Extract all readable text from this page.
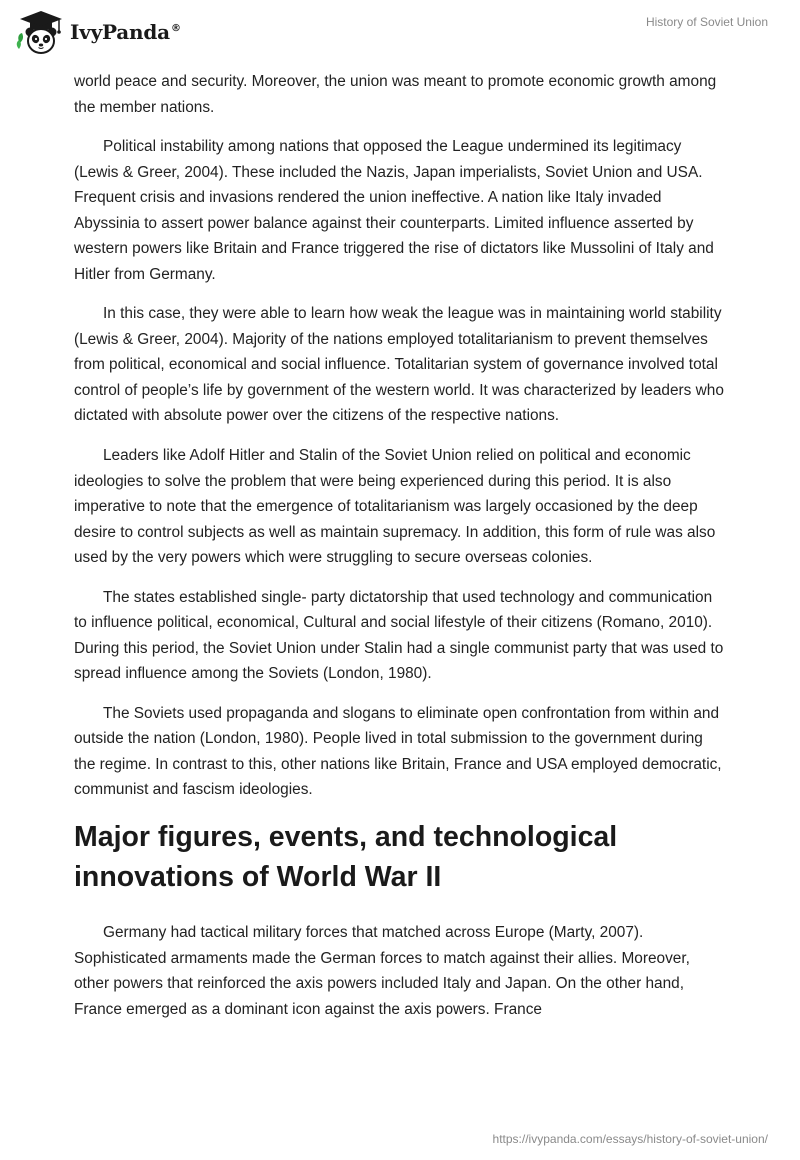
IvyPanda®	History of Soviet Union

world peace and security. Moreover, the union was meant to promote economic growth among the member nations.

Political instability among nations that opposed the League undermined its legitimacy (Lewis & Greer, 2004). These included the Nazis, Japan imperialists, Soviet Union and USA. Frequent crisis and invasions rendered the union ineffective. A nation like Italy invaded Abyssinia to assert power balance against their counterparts. Limited influence asserted by western powers like Britain and France triggered the rise of dictators like Mussolini of Italy and Hitler from Germany.

In this case, they were able to learn how weak the league was in maintaining world stability (Lewis & Greer, 2004). Majority of the nations employed totalitarianism to prevent themselves from political, economical and social influence. Totalitarian system of governance involved total control of people’s life by government of the western world. It was characterized by leaders who dictated with absolute power over the citizens of the respective nations.

Leaders like Adolf Hitler and Stalin of the Soviet Union relied on political and economic ideologies to solve the problem that were being experienced during this period. It is also imperative to note that the emergence of totalitarianism was largely occasioned by the deep desire to control subjects as well as maintain supremacy. In addition, this form of rule was also used by the very powers which were struggling to secure overseas colonies.

The states established single- party dictatorship that used technology and communication to influence political, economical, Cultural and social lifestyle of their citizens (Romano, 2010). During this period, the Soviet Union under Stalin had a single communist party that was used to spread influence among the Soviets (London, 1980).

The Soviets used propaganda and slogans to eliminate open confrontation from within and outside the nation (London, 1980). People lived in total submission to the government during the regime. In contrast to this, other nations like Britain, France and USA employed democratic, communist and fascism ideologies.

Major figures, events, and technological innovations of World War II

Germany had tactical military forces that matched across Europe (Marty, 2007). Sophisticated armaments made the German forces to match against their allies. Moreover, other powers that reinforced the axis powers included Italy and Japan. On the other hand, France emerged as a dominant icon against the axis powers. France

https://ivypanda.com/essays/history-of-soviet-union/
